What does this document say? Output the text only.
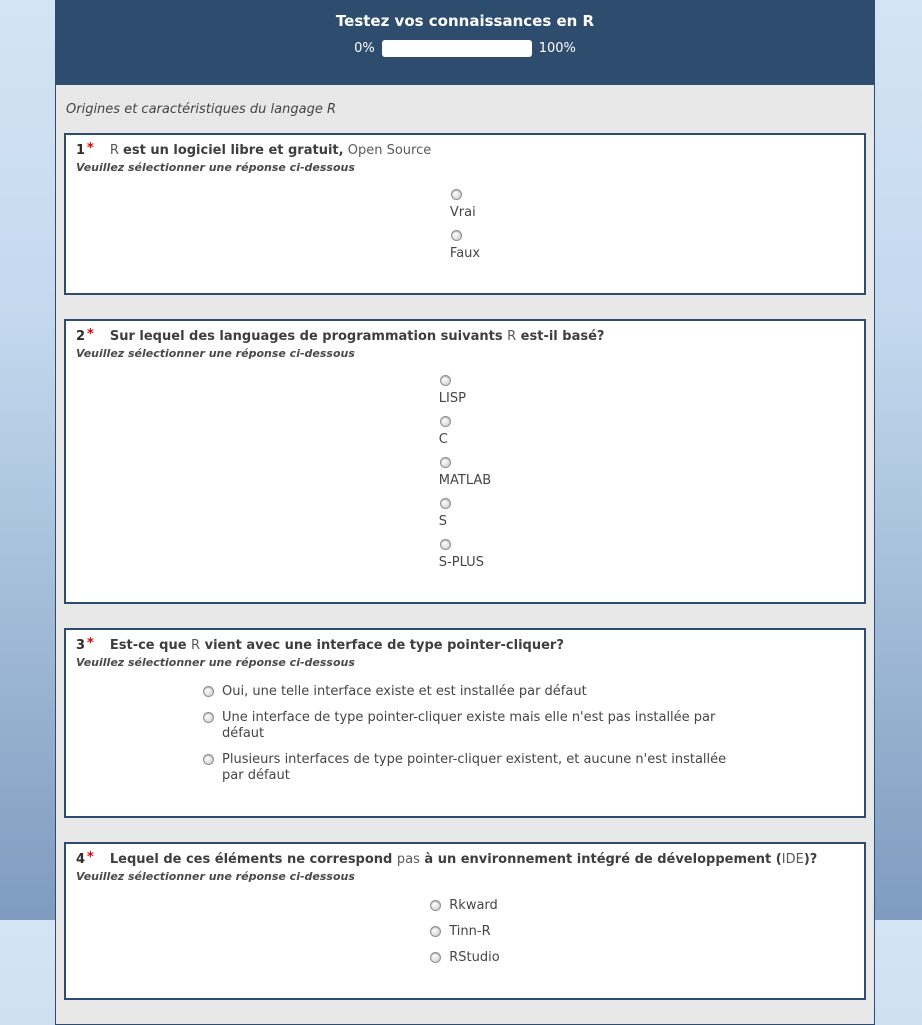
Testez vos connaissances en R
0%	100%
Origines et caractéristiques du langage R
1 * R est un logiciel libre et gratuit, Open Source
Veuillez sélectionner une réponse ci-dessous
Vrai
Faux
2 * Sur lequel des languages de programmation suivants R est-il basé?
Veuillez sélectionner une réponse ci-dessous
LISP
C
MATLAB
S
S-PLUS
3 * Est-ce que R vient avec une interface de type pointer-cliquer?
Veuillez sélectionner une réponse ci-dessous
Oui, une telle interface existe et est installée par défaut
Une interface de type pointer-cliquer existe mais elle n'est pas installée par défaut
Plusieurs interfaces de type pointer-cliquer existent, et aucune n'est installée par défaut
4 * Lequel de ces éléments ne correspond pas à un environnement intégré de développement (IDE)?
Veuillez sélectionner une réponse ci-dessous
Rkward
Tinn-R
RStudio
